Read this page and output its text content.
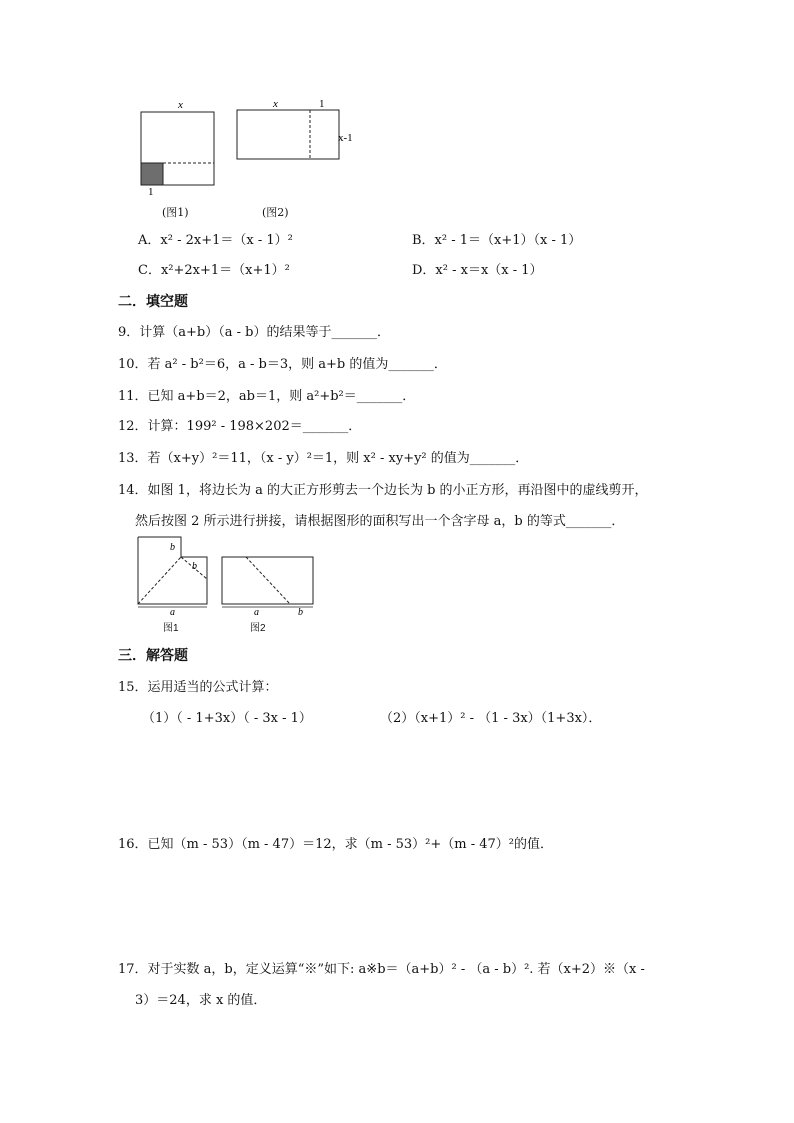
x
1
(图1)
x	1
x-1
(图2)
A．x² - 2x+1＝（x - 1）²	B．x² - 1＝（x+1）（x - 1）
C．x²+2x+1＝（x+1）²	D．x² - x＝x（x - 1）
二．填空题
9．计算（a+b）（a - b）的结果等于_______．
10．若 a² - b²＝6，a - b＝3，则 a+b 的值为_______．
11．已知 a+b＝2，ab＝1，则 a²+b²＝_______．
12．计算：199² - 198×202＝_______．
13．若（x+y）²＝11，（x - y）²＝1，则 x² - xy+y² 的值为_______．
14．如图 1，将边长为 a 的大正方形剪去一个边长为 b 的小正方形，再沿图中的虚线剪开，
然后按图 2 所示进行拼接，请根据图形的面积写出一个含字母 a，b 的等式_______．
b
b
a
图1
a	b
图2
三．解答题
15．运用适当的公式计算：
（1）（ - 1+3x）（ - 3x - 1）	（2）（x+1）² - （1 - 3x）（1+3x）．
16．已知（m - 53）（m - 47）＝12，求（m - 53）²+（m - 47）²的值．
17．对于实数 a，b，定义运算“※”如下: a※b＝（a+b）² - （a - b）². 若（x+2）※（x -
3）＝24，求 x 的值．
